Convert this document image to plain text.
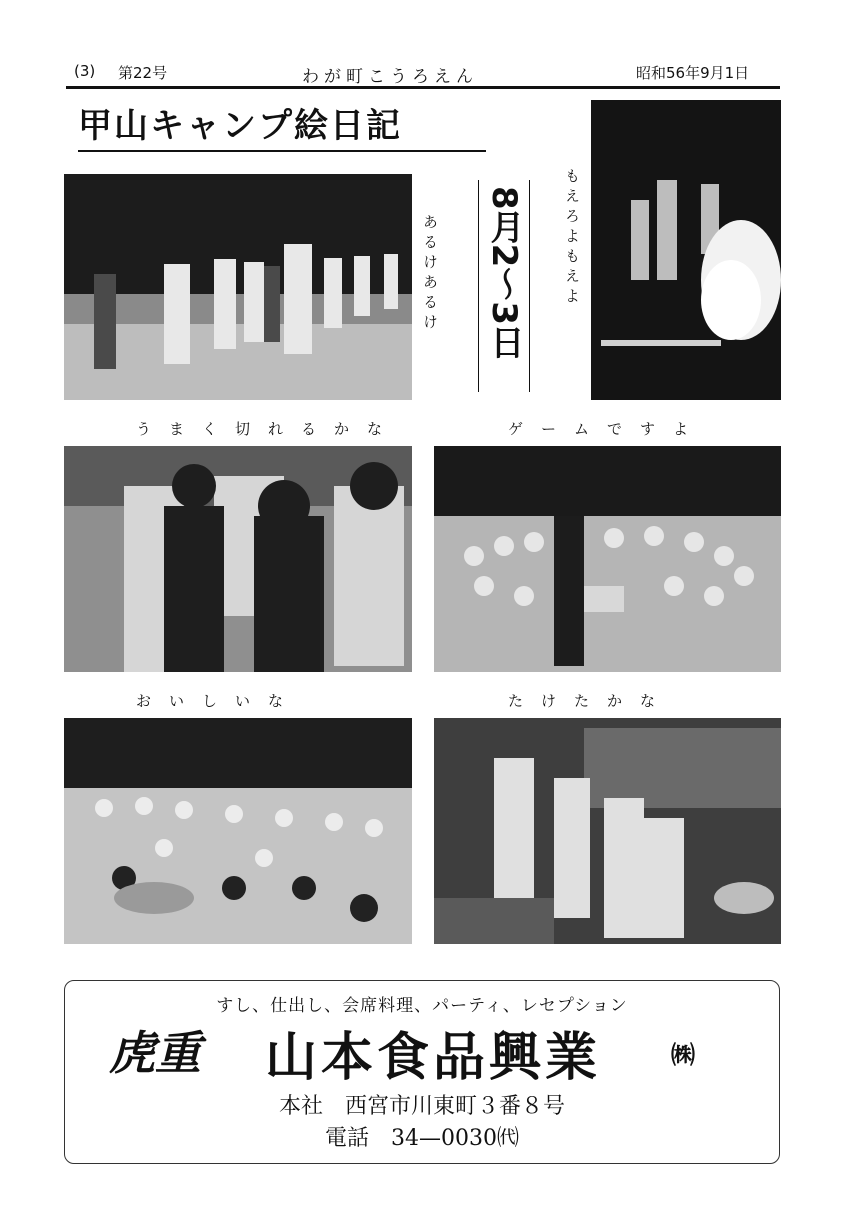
(3) 第22号	わが町こうろえん	昭和56年9月1日
甲山キャンプ絵日記
あるけあるけ 8月2〜3日	もえろよもえよ
うまく切れるかな	ゲームですよ
おいしいな	たけたかな
すし、仕出し、会席料理、パーティ、レセプション
虎重 山本食品興業	㈱
本社　西宮市川東町３番８号
電話　34—0030㈹
